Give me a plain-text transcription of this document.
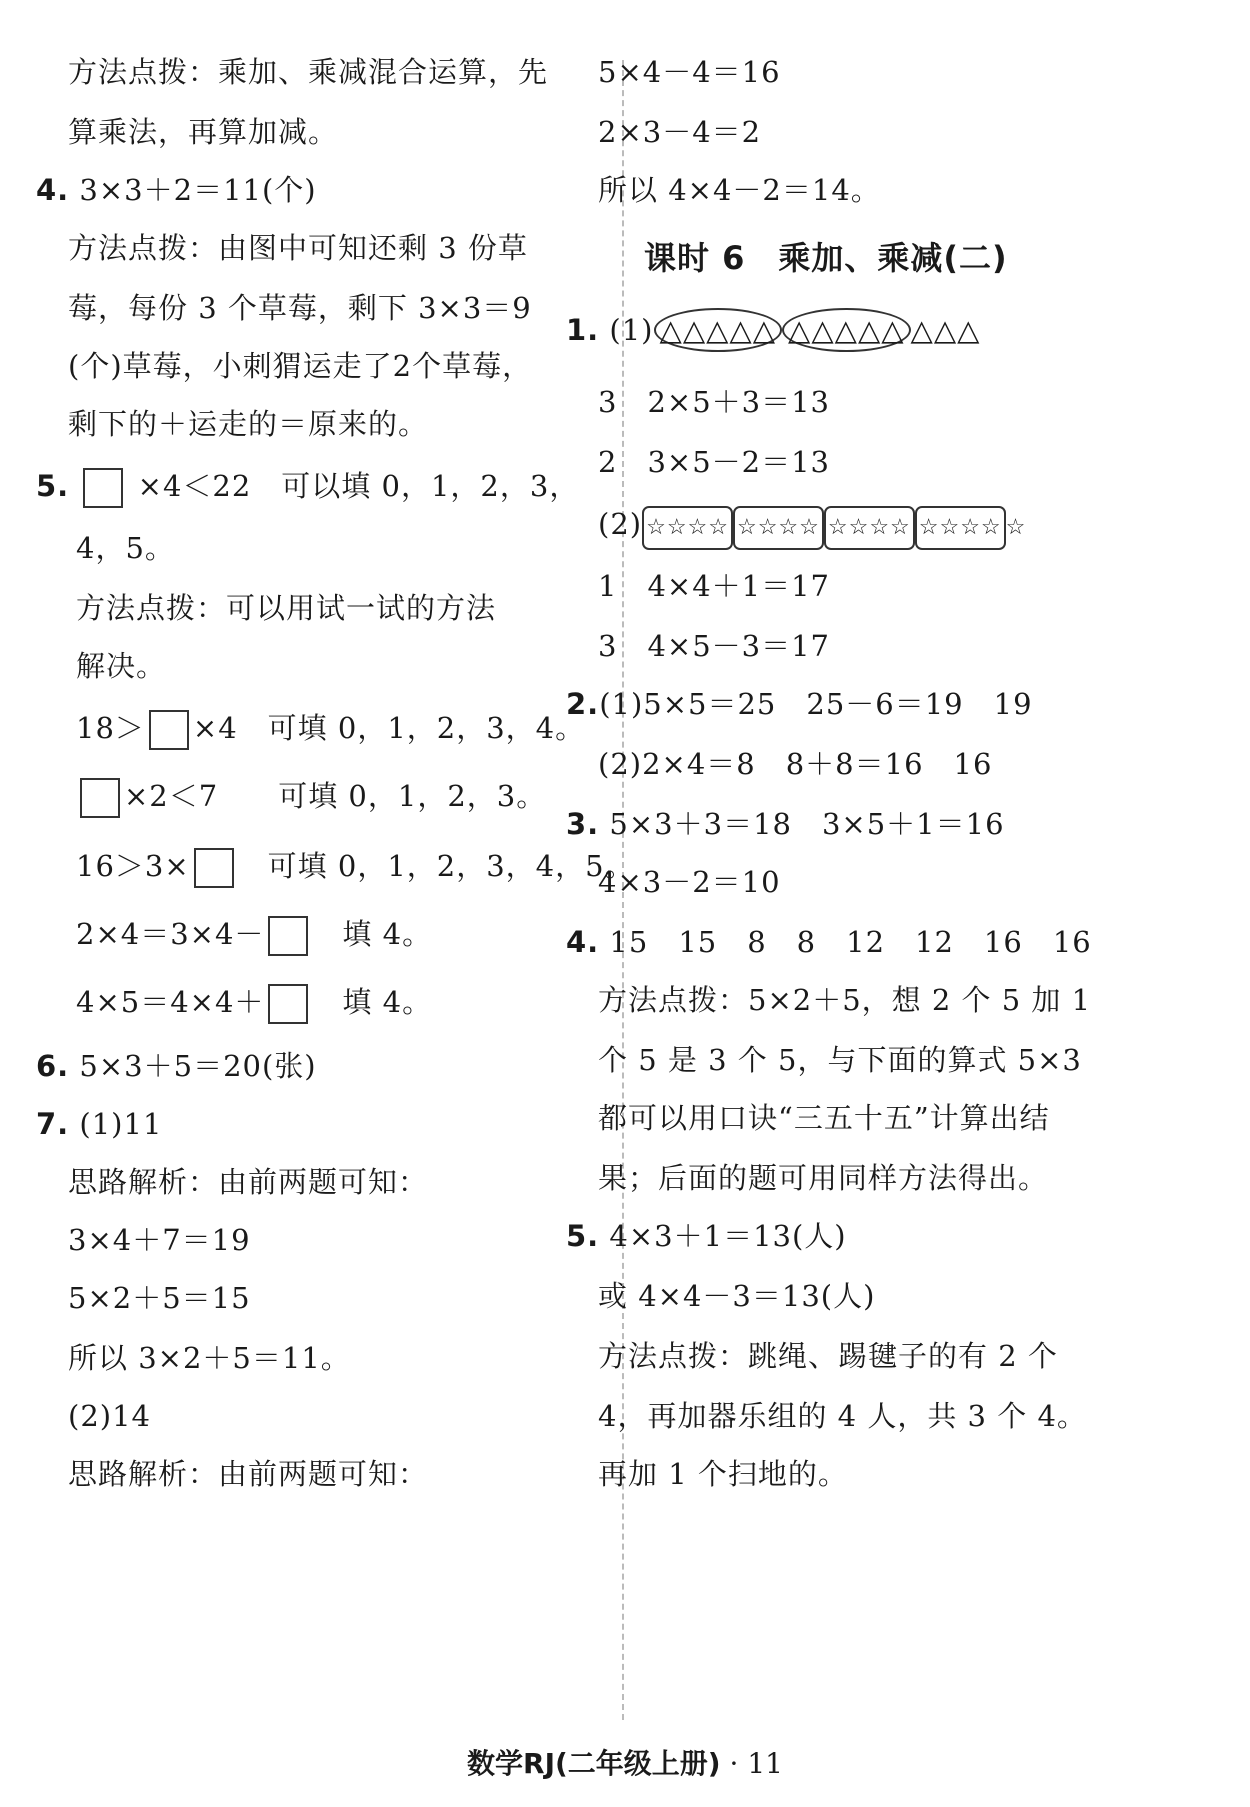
方法点拨：乘加、乘减混合运算，先
算乘法，再算加减。
4. 3×3＋2＝11(个)
方法点拨：由图中可知还剩 3 份草
莓，每份 3 个草莓，剩下 3×3＝9
(个)草莓，小刺猬运走了2个草莓，
剩下的＋运走的＝原来的。
5. ×4＜22　可以填 0，1，2，3，
4，5。
方法点拨：可以用试一试的方法
解决。
18＞ ×4　可填 0，1，2，3，4。
×2＜7　　可填 0，1，2，3。
16＞3×　可填 0，1，2，3，4，5。
2×4＝3×4－　填 4。
4×5＝4×4＋　填 4。
6. 5×3＋5＝20(张)
7. (1)11
思路解析：由前两题可知：
3×4＋7＝19
5×2＋5＝15
所以 3×2＋5＝11。
(2)14
思路解析：由前两题可知：
5×4－4＝16
2×3－4＝2
所以 4×4－2＝14。
课时 6　乘加、乘减(二)
1. (1) △△△△△ △△△△△ △△△
3　2×5＋3＝13
2　3×5－2＝13
(2) ☆☆☆☆ ☆☆☆☆ ☆☆☆☆ ☆☆☆☆ ☆
1　4×4＋1＝17
3　4×5－3＝17
2.(1)5×5＝25　25－6＝19　19
(2)2×4＝8　8＋8＝16　16
3. 5×3＋3＝18　3×5＋1＝16
4×3－2＝10
4. 15　15　8　8　12　12　16　16
方法点拨：5×2＋5，想 2 个 5 加 1
个 5 是 3 个 5，与下面的算式 5×3
都可以用口诀“三五十五”计算出结
果；后面的题可用同样方法得出。
5. 4×3＋1＝13(人)
或 4×4－3＝13(人)
方法点拨：跳绳、踢毽子的有 2 个
4，再加器乐组的 4 人，共 3 个 4。
再加 1 个扫地的。
数学RJ(二年级上册) · 11
